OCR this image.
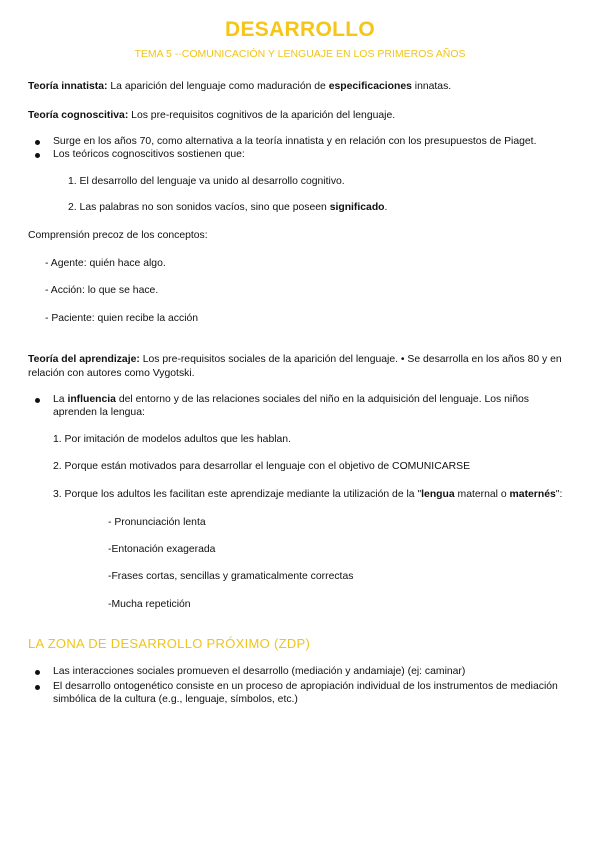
DESARROLLO
TEMA 5 -·COMUNICACIÓN Y LENGUAJE EN LOS PRIMEROS AÑOS
Teoría innatista: La aparición del lenguaje como maduración de especificaciones innatas.
Teoría cognoscitiva: Los pre-requisitos cognitivos de la aparición del lenguaje.
Surge en los años 70, como alternativa a la teoría innatista y en relación con los presupuestos de Piaget.
Los teóricos cognoscitivos sostienen que:
1. El desarrollo del lenguaje va unido al desarrollo cognitivo.
2. Las palabras no son sonidos vacíos, sino que poseen significado.
Comprensión precoz de los conceptos:
- Agente: quién hace algo.
- Acción: lo que se hace.
- Paciente: quien recibe la acción
Teoría del aprendizaje: Los pre-requisitos sociales de la aparición del lenguaje. • Se desarrolla en los años 80 y en
relación con autores como Vygotski.
La influencia del entorno y de las relaciones sociales del niño en la adquisición del lenguaje. Los niños
aprenden la lengua:
1. Por imitación de modelos adultos que les hablan.
2. Porque están motivados para desarrollar el lenguaje con el objetivo de COMUNICARSE
3. Porque los adultos les facilitan este aprendizaje mediante la utilización de la "lengua maternal o maternés":
- Pronunciación lenta
-Entonación exagerada
-Frases cortas, sencillas y gramaticalmente correctas
-Mucha repetición
LA ZONA DE DESARROLLO PRÓXIMO (ZDP)
Las interacciones sociales promueven el desarrollo (mediación y andamiaje) (ej: caminar)
El desarrollo ontogenético consiste en un proceso de apropiación individual de los instrumentos de mediación
simbólica de la cultura (e.g., lenguaje, símbolos, etc.)
